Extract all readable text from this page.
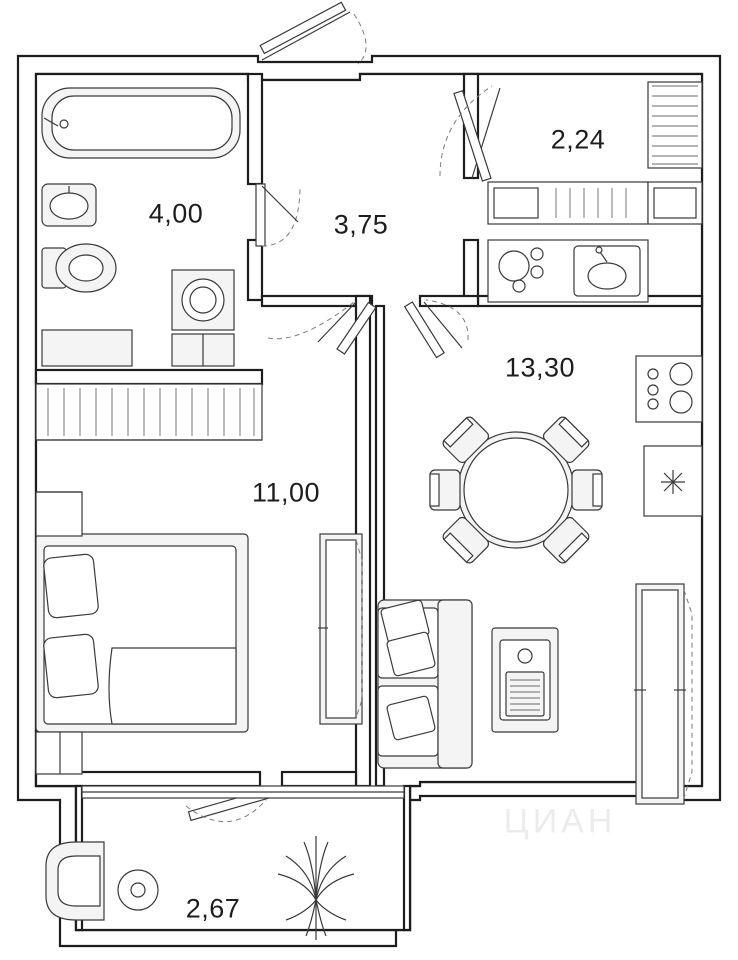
4,00	3,75
2,24
13,30
11,00
2,67
ЦИАН
